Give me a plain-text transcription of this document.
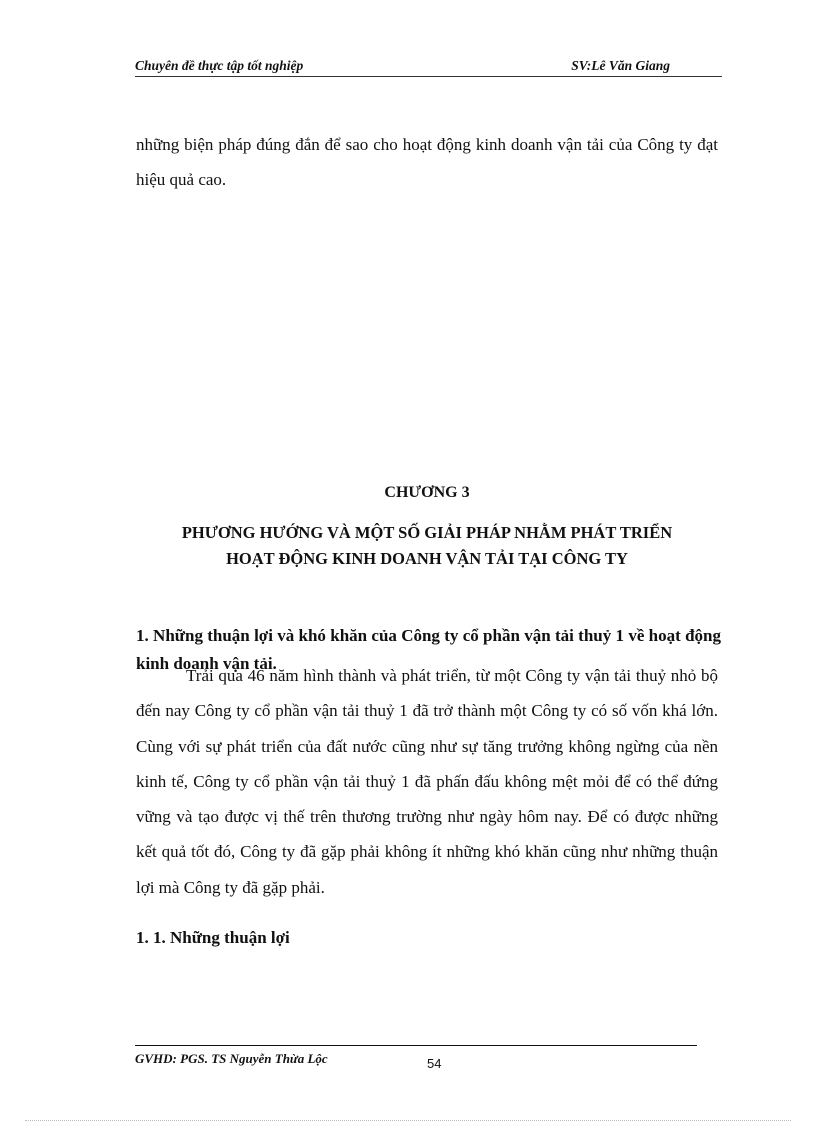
Chuyên đề thực tập tốt nghiệp	SV:Lê Văn Giang
những biện pháp đúng đắn để sao cho hoạt động kinh doanh vận tải của Công ty đạt hiệu quả cao.
CHƯƠNG 3
PHƯƠNG HƯỚNG VÀ MỘT SỐ GIẢI PHÁP NHẰM PHÁT TRIỂN
HOẠT ĐỘNG KINH DOANH VẬN TẢI TẠI CÔNG TY
1. Những thuận lợi và khó khăn của Công ty cổ phần vận tải thuỷ 1 về hoạt động kinh doanh vận tải.
Trải qua 46 năm hình thành và phát triển, từ một Công ty vận tải thuỷ nhỏ bộ đến nay Công ty cổ phần vận tải thuỷ 1 đã trở thành một Công ty có số vốn khá lớn. Cùng với sự phát triển của đất nước cũng như sự tăng trưởng không ngừng của nền kinh tế, Công ty cổ phần vận tải thuỷ 1 đã phấn đấu không mệt mỏi để có thể đứng vững và tạo được vị thế trên thương trường như ngày hôm nay. Để có được những kết quả tốt đó, Công ty đã gặp phải không ít những khó khăn cũng như những thuận lợi mà Công ty đã gặp phải.
1. 1. Những thuận lợi
GVHD: PGS. TS Nguyễn Thừa Lộc	54
